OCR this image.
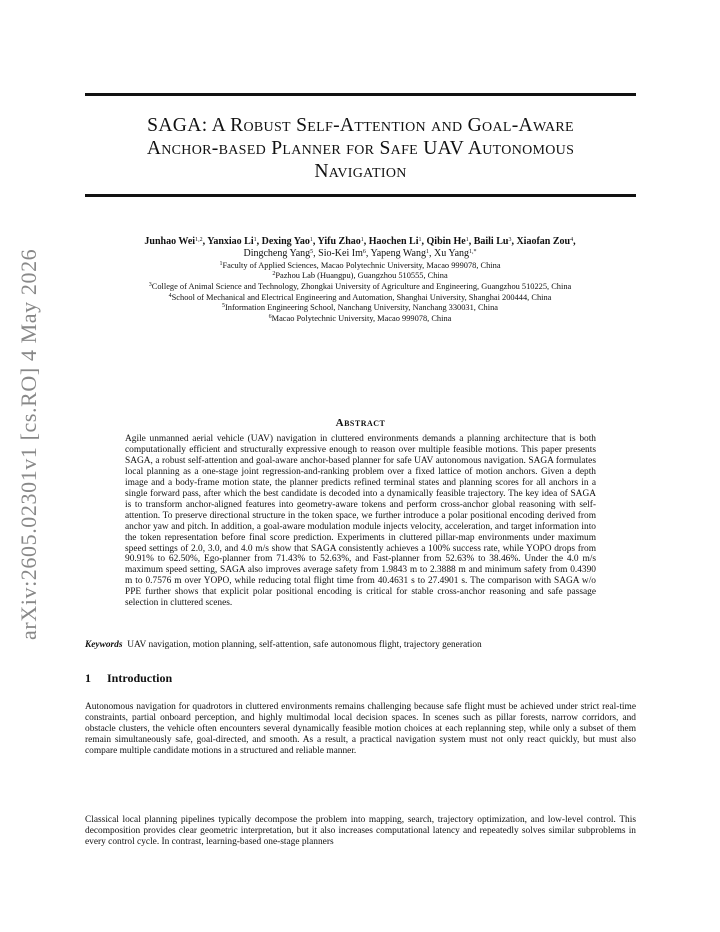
arXiv:2605.02301v1 [cs.RO] 4 May 2026
SAGA: A Robust Self-Attention and Goal-Aware
Anchor-based Planner for Safe UAV Autonomous
Navigation
Junhao Wei$^{1,2}$, Yanxiao Li$^1$, Dexing Yao$^1$, Yifu Zhao$^1$, Haochen Li$^1$, Qibin He$^1$, Baili Lu$^3$, Xiaofan Zou$^4$,
Dingcheng Yang$^5$, Sio-Kei Im$^6$, Yapeng Wang$^1$, Xu Yang$^{1,*}$
$^1$Faculty of Applied Sciences, Macao Polytechnic University, Macao 999078, China
$^2$Pazhou Lab (Huangpu), Guangzhou 510555, China
$^3$College of Animal Science and Technology, Zhongkai University of Agriculture and Engineering, Guangzhou 510225, China
$^4$School of Mechanical and Electrical Engineering and Automation, Shanghai University, Shanghai 200444, China
$^5$Information Engineering School, Nanchang University, Nanchang 330031, China
$^6$Macao Polytechnic University, Macao 999078, China
Abstract

Agile unmanned aerial vehicle (UAV) navigation in cluttered environments demands a planning architecture that is both computationally efficient and structurally expressive enough to reason over multiple feasible motions. This paper presents SAGA, a robust self-attention and goal-aware anchor-based planner for safe UAV autonomous navigation. SAGA formulates local planning as a one-stage joint regression-and-ranking problem over a fixed lattice of motion anchors. Given a depth image and a body-frame motion state, the planner predicts refined terminal states and planning scores for all anchors in a single forward pass, after which the best candidate is decoded into a dynamically feasible trajectory. The key idea of SAGA is to transform anchor-aligned features into geometry-aware tokens and perform cross-anchor global reasoning with self-attention. To preserve directional structure in the token space, we further introduce a polar positional encoding derived from anchor yaw and pitch. In addition, a goal-aware modulation module injects velocity, acceleration, and target information into the token representation before final score prediction. Experiments in cluttered pillar-map environments under maximum speed settings of 2.0, 3.0, and 4.0 m/s show that SAGA consistently achieves a 100% success rate, while YOPO drops from 90.91% to 62.50%, Ego-planner from 71.43% to 52.63%, and Fast-planner from 52.63% to 38.46%. Under the 4.0 m/s maximum speed setting, SAGA also improves average safety from 1.9843 m to 2.3888 m and minimum safety from 0.4390 m to 0.7576 m over YOPO, while reducing total flight time from 40.4631 s to 27.4901 s. The comparison with SAGA w/o PPE further shows that explicit polar positional encoding is critical for stable cross-anchor reasoning and safe passage selection in cluttered scenes.

Keywords UAV navigation, motion planning, self-attention, safe autonomous flight, trajectory generation
1 Introduction

Autonomous navigation for quadrotors in cluttered environments remains challenging because safe flight must be achieved under strict real-time constraints, partial onboard perception, and highly multimodal local decision spaces. In scenes such as pillar forests, narrow corridors, and obstacle clusters, the vehicle often encounters several dynamically feasible motion choices at each replanning step, while only a subset of them remain simultaneously safe, goal-directed, and smooth. As a result, a practical navigation system must not only react quickly, but must also compare multiple candidate motions in a structured and reliable manner.

Classical local planning pipelines typically decompose the problem into mapping, search, trajectory optimization, and low-level control. This decomposition provides clear geometric interpretation, but it also increases computational latency and repeatedly solves similar subproblems in every control cycle. In contrast, learning-based one-stage planners
